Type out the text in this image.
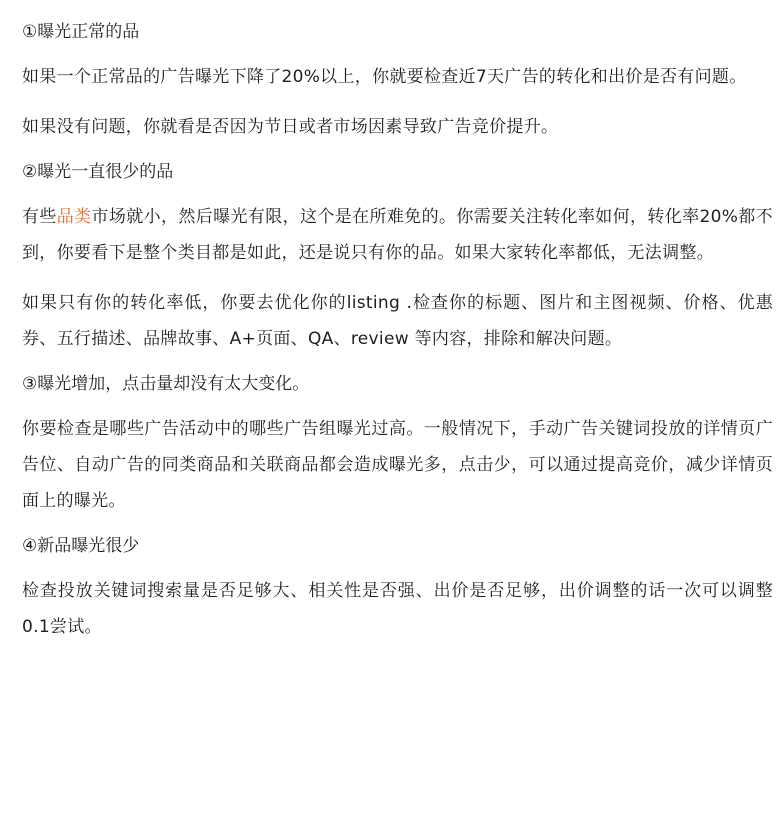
①曝光正常的品

如果一个正常品的广告曝光下降了20%以上，你就要检查近7天广告的转化和出价是否有问题。

如果没有问题，你就看是否因为节日或者市场因素导致广告竞价提升。

②曝光一直很少的品

有些品类市场就小，然后曝光有限，这个是在所难免的。你需要关注转化率如何，转化率20%都不到，你要看下是整个类目都是如此，还是说只有你的品。如果大家转化率都低，无法调整。

如果只有你的转化率低，你要去优化你的listing .检查你的标题、图片和主图视频、价格、优惠券、五行描述、品牌故事、A+页面、QA、review 等内容，排除和解决问题。

③曝光增加，点击量却没有太大变化。

你要检查是哪些广告活动中的哪些广告组曝光过高。一般情况下，手动广告关键词投放的详情页广告位、自动广告的同类商品和关联商品都会造成曝光多，点击少，可以通过提高竞价，减少详情页面上的曝光。

④新品曝光很少

检查投放关键词搜索量是否足够大、相关性是否强、出价是否足够，出价调整的话一次可以调整0.1尝试。
